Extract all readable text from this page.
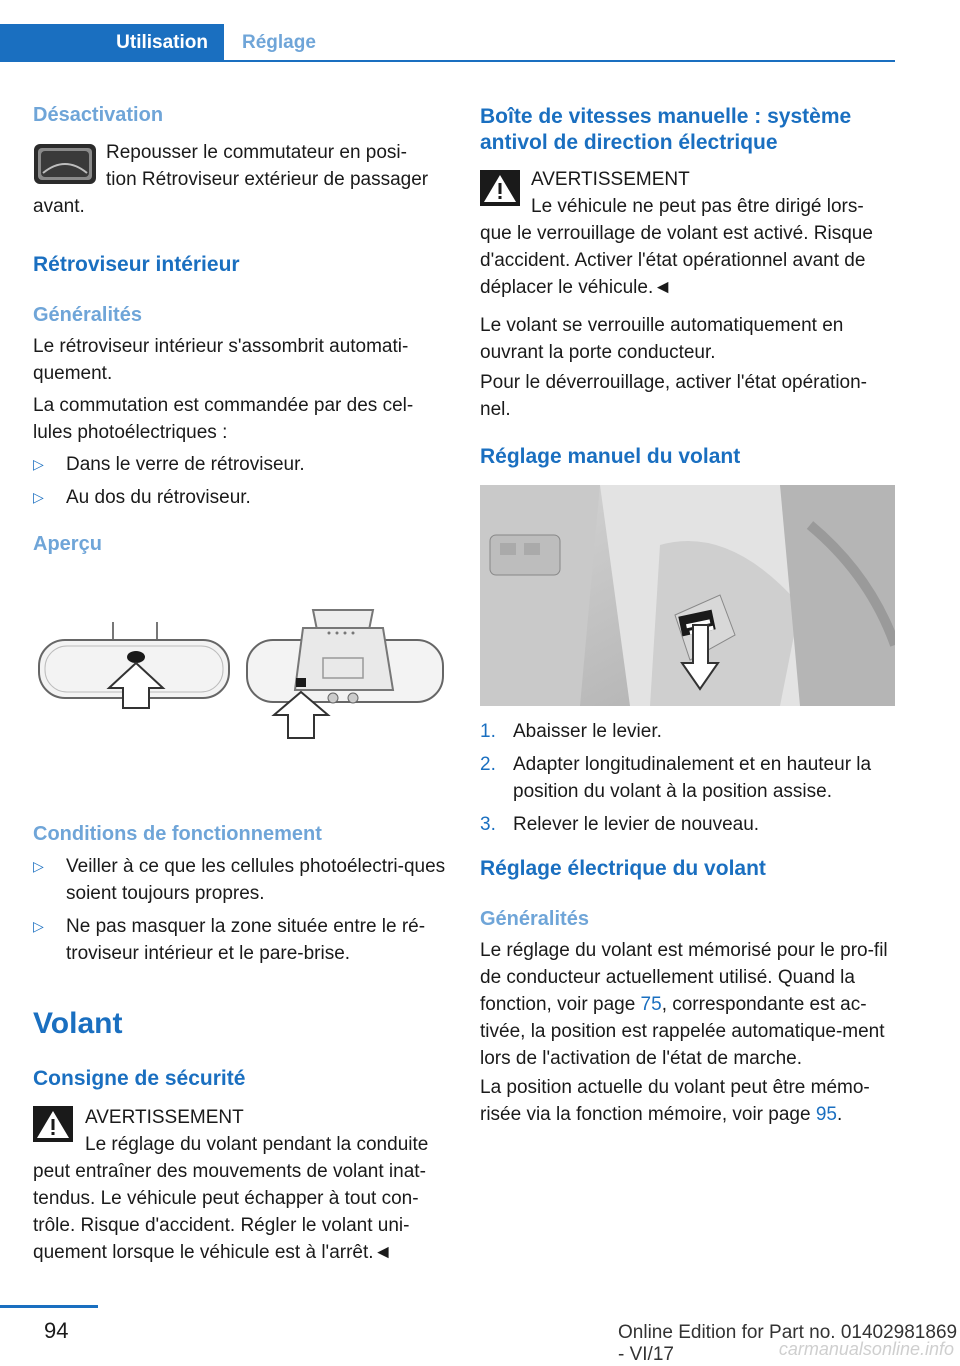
Utilisation	Réglage
Désactivation
Repousser le commutateur en posi-
tion Rétroviseur extérieur de passager
avant.
Rétroviseur intérieur
Généralités
Le rétroviseur intérieur s'assombrit automati-quement.
La commutation est commandée par des cel-lules photoélectriques :
▷	Dans le verre de rétroviseur.
▷	Au dos du rétroviseur.
Aperçu
Conditions de fonctionnement
▷	Veiller à ce que les cellules photoélectri-ques soient toujours propres.
▷	Ne pas masquer la zone située entre le ré-troviseur intérieur et le pare-brise.
Volant
Consigne de sécurité
AVERTISSEMENT
Le réglage du volant pendant la conduite
peut entraîner des mouvements de volant inat-tendus. Le véhicule peut échapper à tout con-trôle. Risque d'accident. Régler le volant uni-quement lorsque le véhicule est à l'arrêt.◄
Boîte de vitesses manuelle : système antivol de direction électrique
AVERTISSEMENT
Le véhicule ne peut pas être dirigé lors-
que le verrouillage de volant est activé. Risque d'accident. Activer l'état opérationnel avant de déplacer le véhicule.◄
Le volant se verrouille automatiquement en ouvrant la porte conducteur.
Pour le déverrouillage, activer l'état opération-nel.
Réglage manuel du volant
1. Abaisser le levier.
2. Adapter longitudinalement et en hauteur la position du volant à la position assise.
3. Relever le levier de nouveau.
Réglage électrique du volant
Généralités
Le réglage du volant est mémorisé pour le pro-fil de conducteur actuellement utilisé. Quand la fonction, voir page 75, correspondante est ac-tivée, la position est rappelée automatique-ment lors de l'activation de l'état de marche.
La position actuelle du volant peut être mémo-risée via la fonction mémoire, voir page 95.
94	Online Edition for Part no. 01402981869 - VI/17	carmanualsonline.info
